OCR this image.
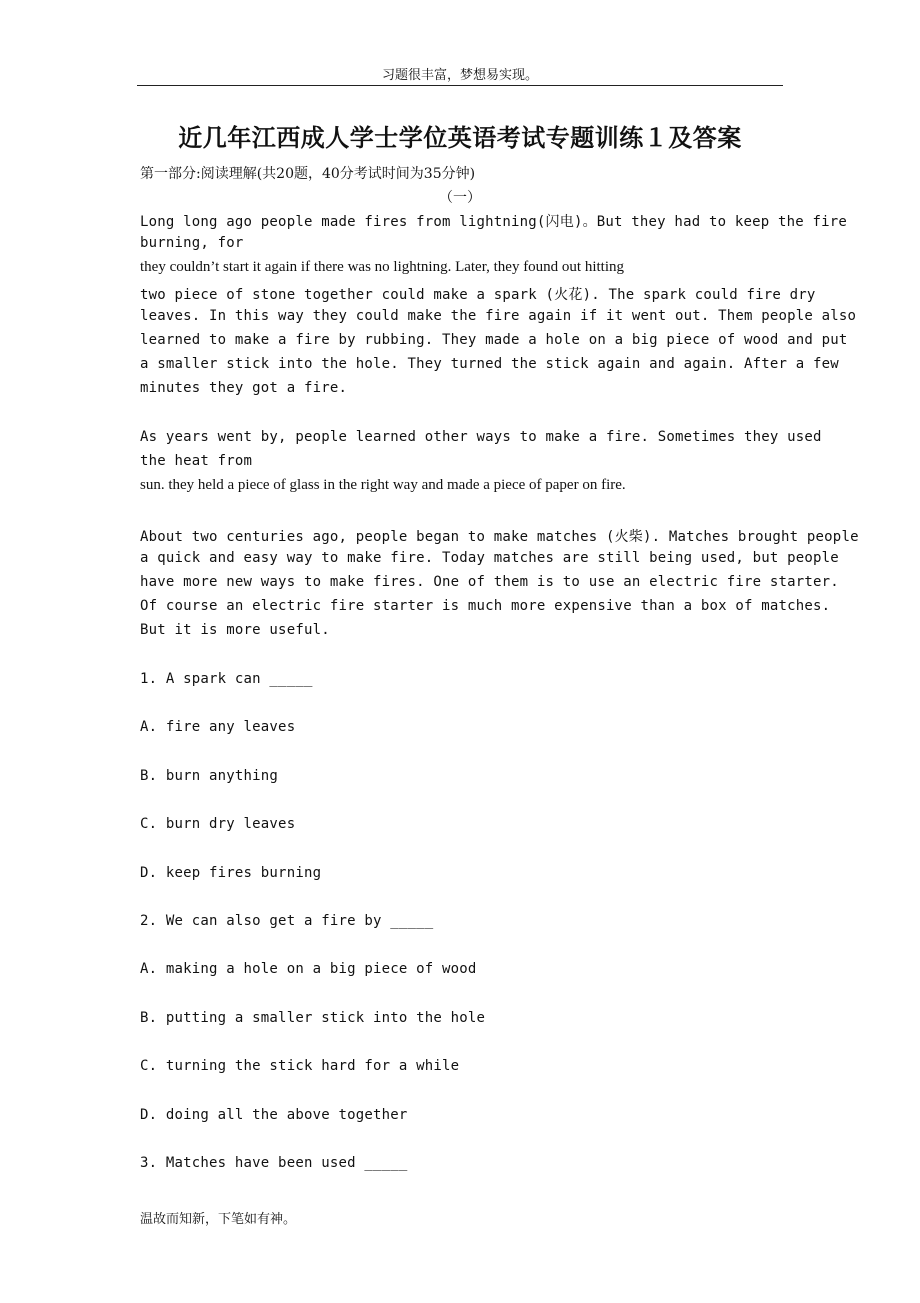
习题很丰富，梦想易实现。
近几年江西成人学士学位英语考试专题训练１及答案
第一部分:阅读理解(共20题，40分考试时间为35分钟)
（一）
Long long ago people made fires from lightning(闪电)。But they had to keep the fire
burning, for
they couldn’t start it again if there was no lightning. Later, they found out hitting
two piece of stone together could make a spark (火花). The spark could fire dry
leaves. In this way they could make the fire again if it went out. Them people also
learned to make a fire by rubbing. They made a hole on a big piece of wood and put
a smaller stick into the hole. They turned the stick again and again. After a few
minutes they got a fire.
As years went by, people learned other ways to make a fire. Sometimes they used
the heat from
sun. they held a piece of glass in the right way and made a piece of paper on fire.
About two centuries ago, people began to make matches (火柴). Matches brought people
a quick and easy way to make fire. Today matches are still being used, but people
have more new ways to make fires. One of them is to use an electric fire starter.
Of course an electric fire starter is much more expensive than a box of matches.
But it is more useful.
1. A spark can _____
A. fire any leaves
B. burn anything
C. burn dry leaves
D. keep fires burning
2. We can also get a fire by _____
A. making a hole on a big piece of wood
B. putting a smaller stick into the hole
C. turning the stick hard for a while
D. doing all the above together
3. Matches have been used _____
温故而知新，下笔如有神。
